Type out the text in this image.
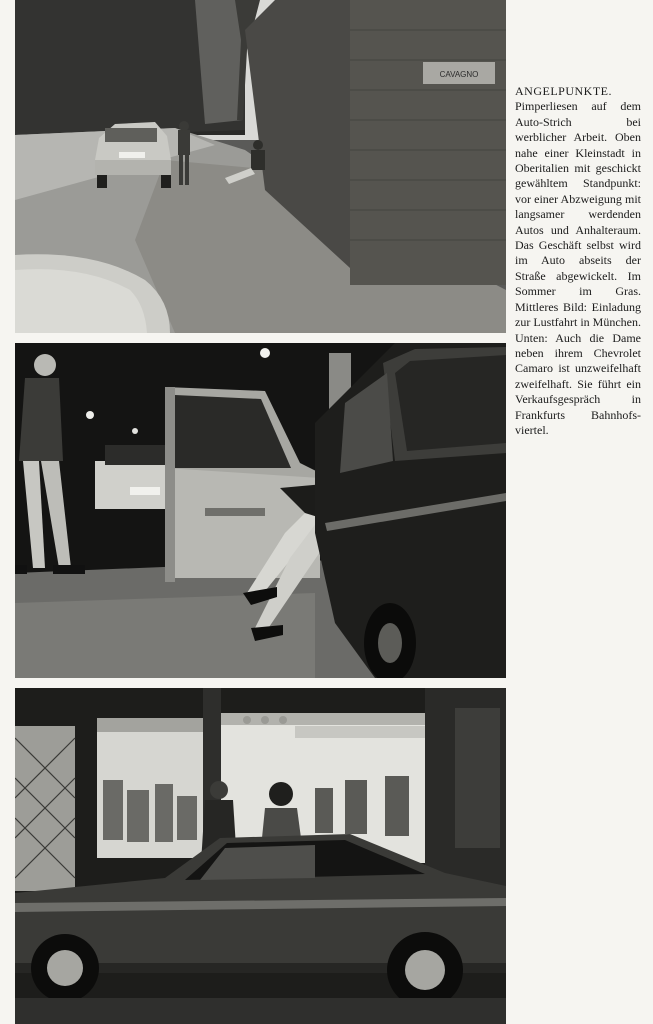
CAVAGNO
ANGELPUNKTE.
Pimperliesen auf dem Auto-Strich bei werblicher Arbeit. Oben nahe einer Kleinstadt in Oberitalien mit geschickt gewähltem Standpunkt: vor einer Abzweigung mit langsamer werdenden Autos und Anhalteraum. Das Geschäft selbst wird im Auto abseits der Straße abgewickelt. Im Sommer im Gras. Mittleres Bild: Einladung zur Lustfahrt in München. Unten: Auch die Dame neben ihrem Chevrolet Camaro ist unzweifelhaft zweifelhaft. Sie führt ein Verkaufsgespräch in Frankfurts Bahnhofsviertel.
